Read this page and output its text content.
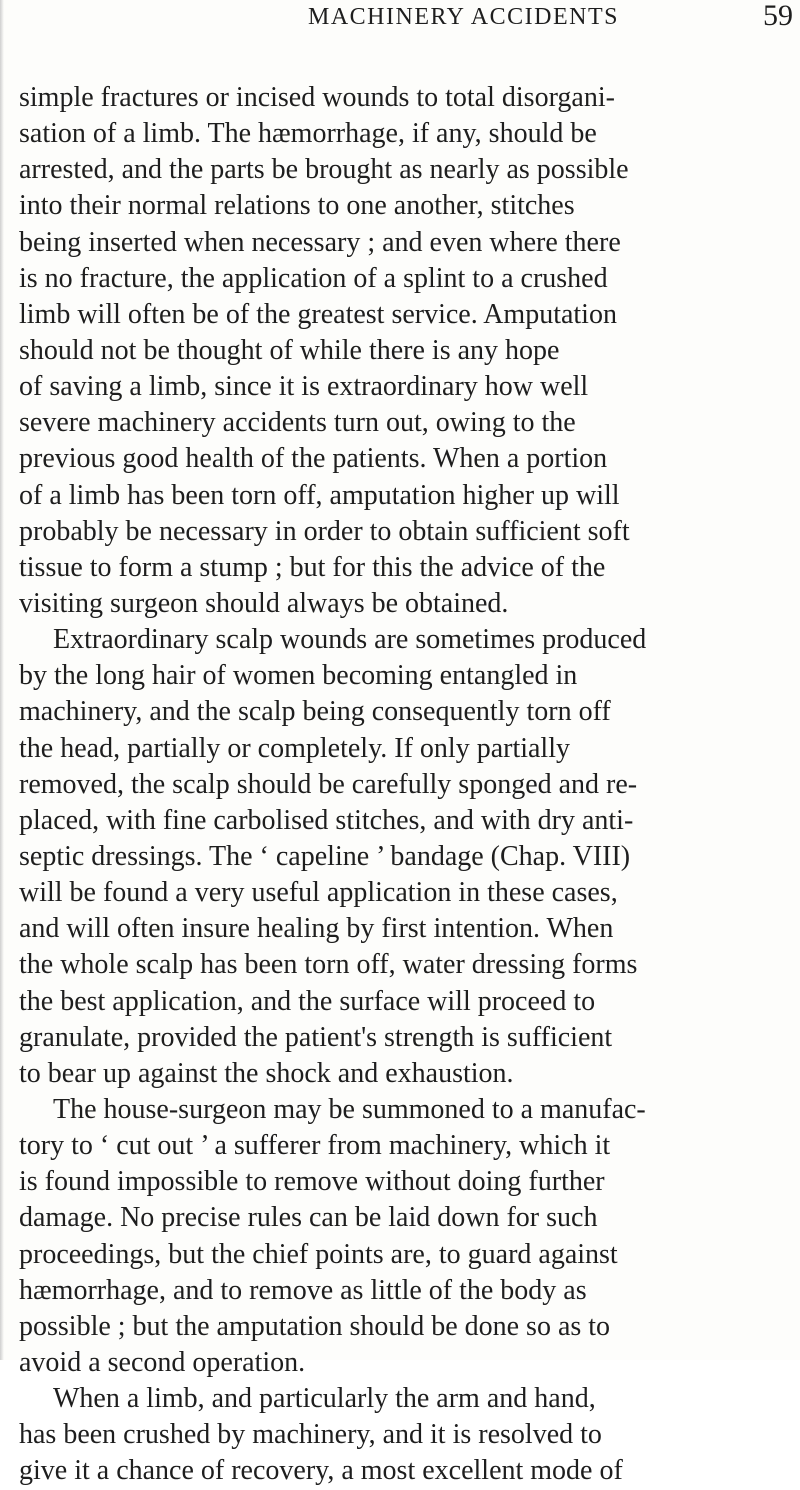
MACHINERY ACCIDENTS	59
simple fractures or incised wounds to total disorgani-
sation of a limb. The hæmorrhage, if any, should be
arrested, and the parts be brought as nearly as possible
into their normal relations to one another, stitches
being inserted when necessary ; and even where there
is no fracture, the application of a splint to a crushed
limb will often be of the greatest service. Amputation
should not be thought of while there is any hope
of saving a limb, since it is extraordinary how well
severe machinery accidents turn out, owing to the
previous good health of the patients. When a portion
of a limb has been torn off, amputation higher up will
probably be necessary in order to obtain sufficient soft
tissue to form a stump ; but for this the advice of the
visiting surgeon should always be obtained.
Extraordinary scalp wounds are sometimes produced
by the long hair of women becoming entangled in
machinery, and the scalp being consequently torn off
the head, partially or completely. If only partially
removed, the scalp should be carefully sponged and re-
placed, with fine carbolised stitches, and with dry anti-
septic dressings. The ‘ capeline ’ bandage (Chap. VIII)
will be found a very useful application in these cases,
and will often insure healing by first intention. When
the whole scalp has been torn off, water dressing forms
the best application, and the surface will proceed to
granulate, provided the patient's strength is sufficient
to bear up against the shock and exhaustion.
The house-surgeon may be summoned to a manufac-
tory to ‘ cut out ’ a sufferer from machinery, which it
is found impossible to remove without doing further
damage. No precise rules can be laid down for such
proceedings, but the chief points are, to guard against
hæmorrhage, and to remove as little of the body as
possible ; but the amputation should be done so as to
avoid a second operation.
When a limb, and particularly the arm and hand,
has been crushed by machinery, and it is resolved to
give it a chance of recovery, a most excellent mode of
